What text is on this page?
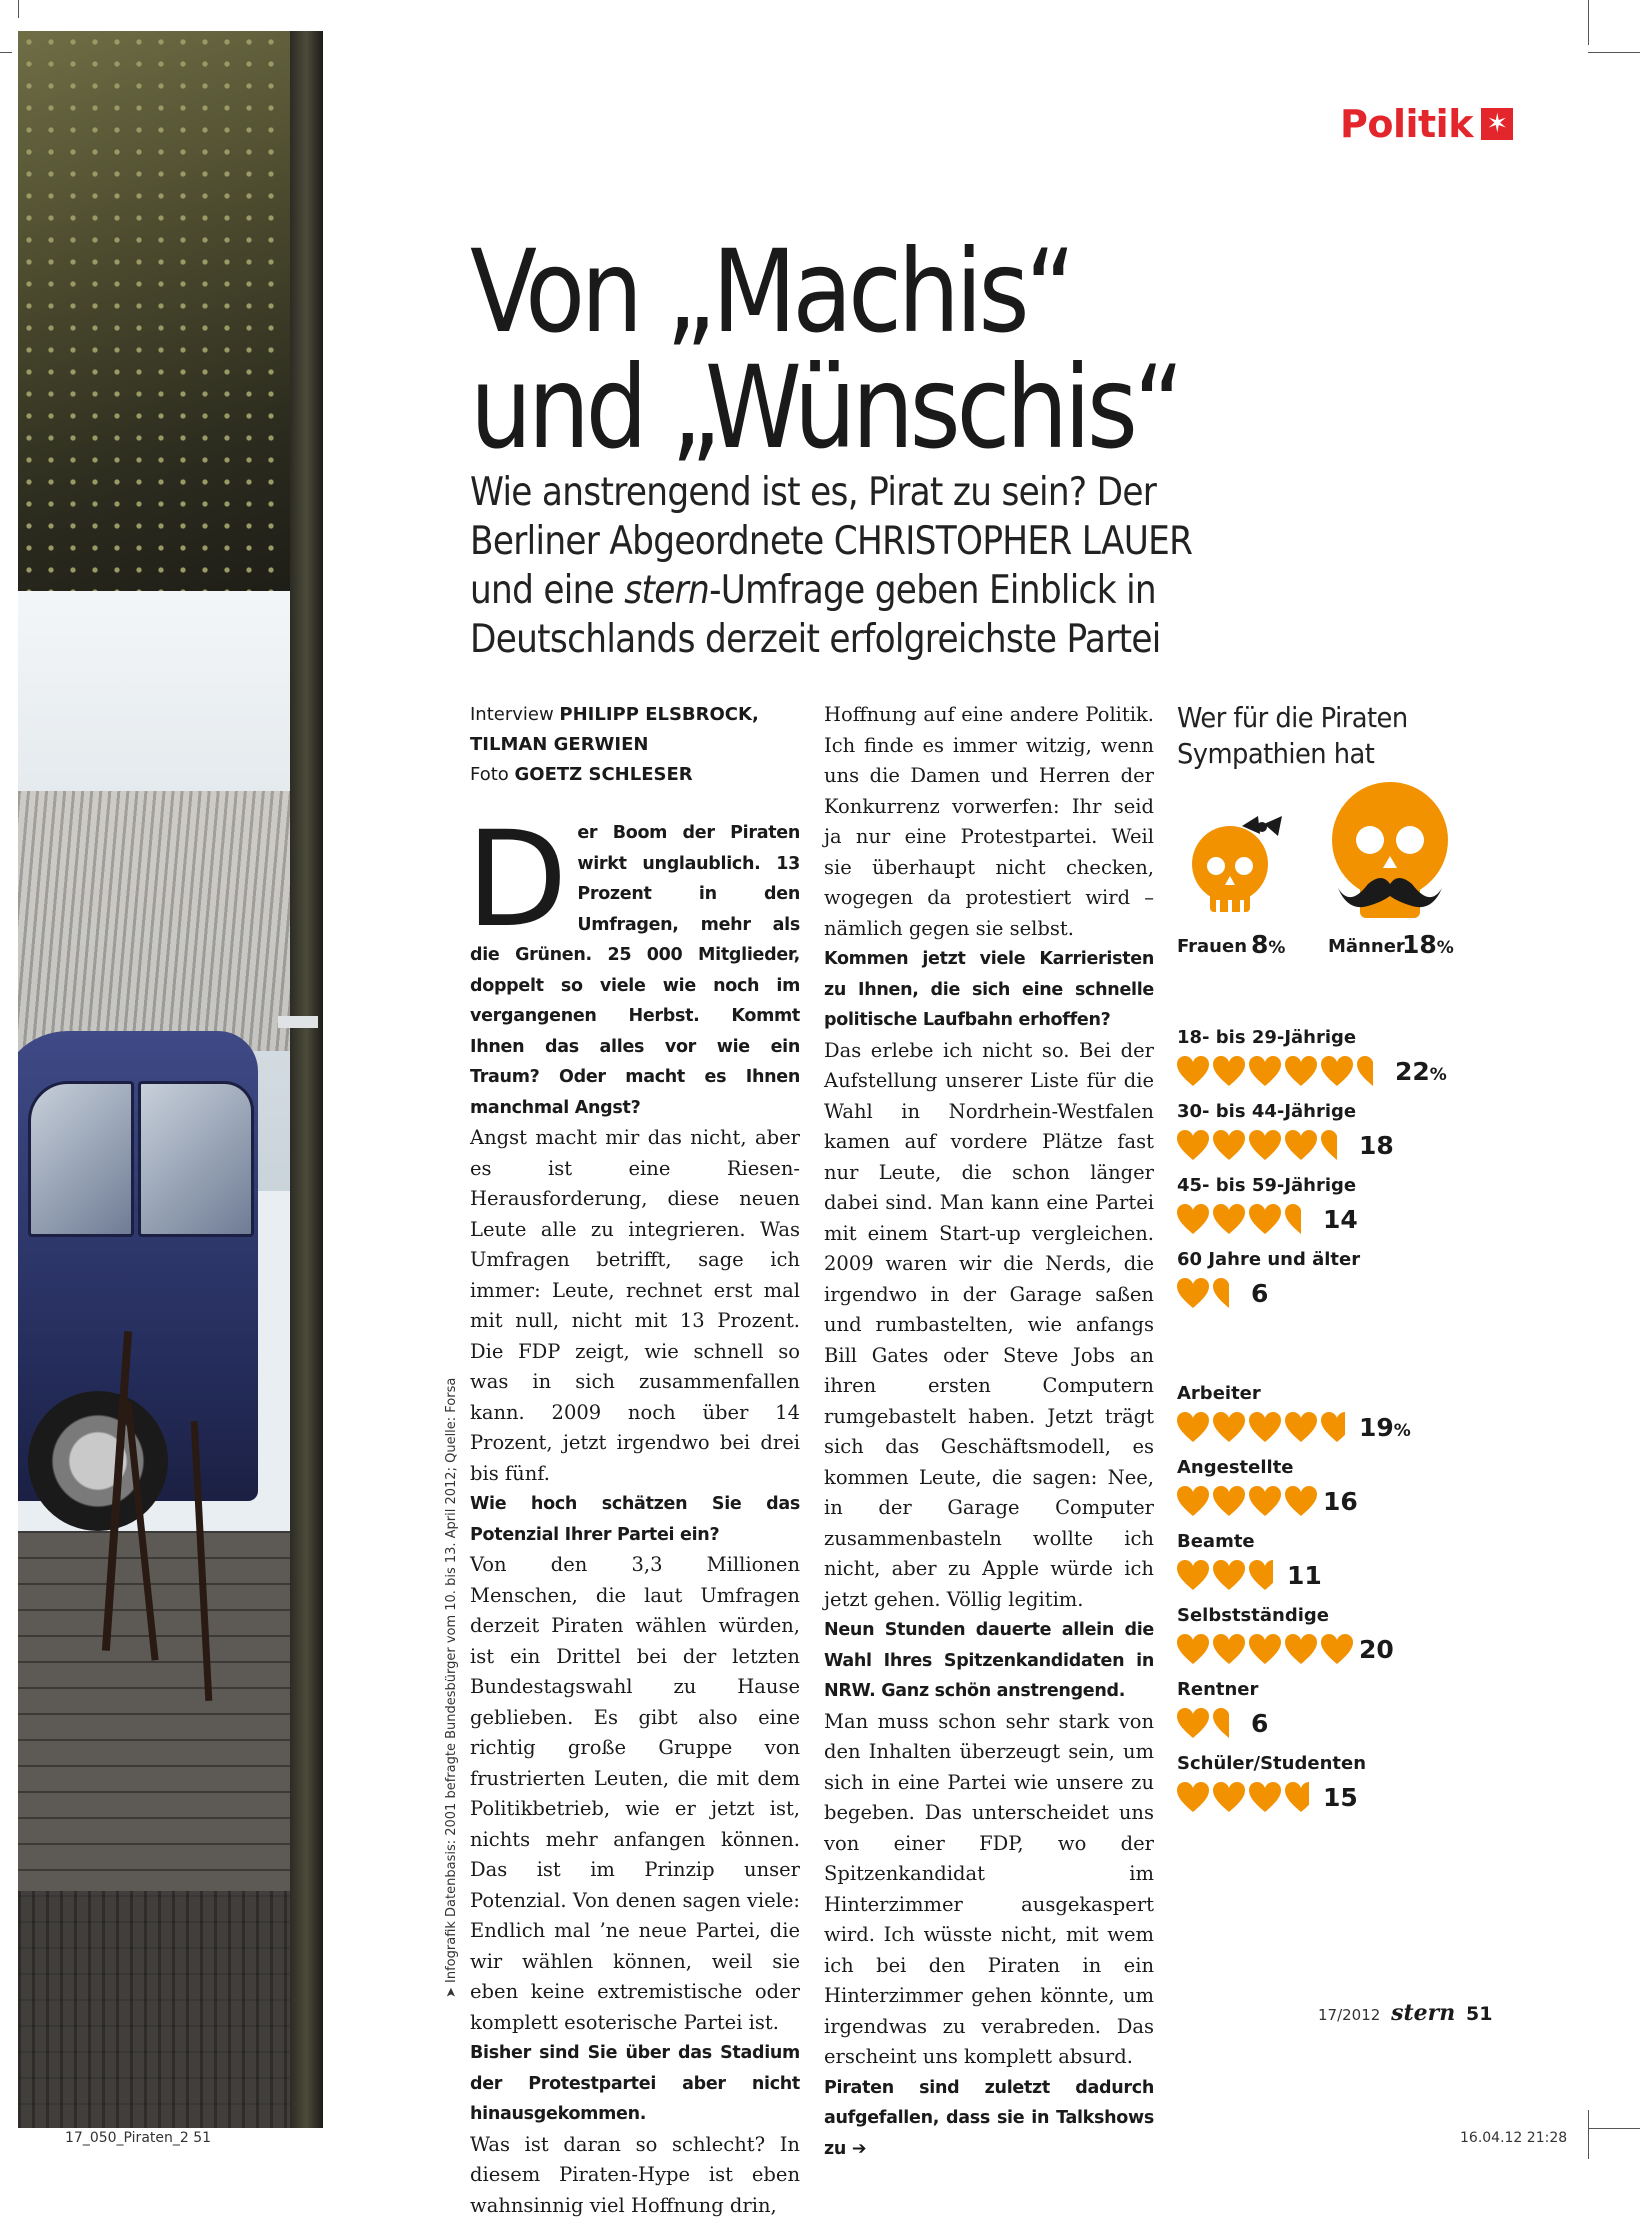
Politik ✶
Von „Machis“
und „Wünschis“
Wie anstrengend ist es, Pirat zu sein? Der
Berliner Abgeordnete CHRISTOPHER LAUER
und eine stern-Umfrage geben Einblick in
Deutschlands derzeit erfolgreichste Partei
Interview PHILIPP ELSBROCK,
TILMAN GERWIEN
Foto GOETZ SCHLESER

Der Boom der Piraten wirkt unglaublich. 13 Prozent in den Umfragen, mehr als die Grünen. 25 000 Mitglieder, doppelt so viele wie noch im vergangenen Herbst. Kommt Ihnen das alles vor wie ein Traum? Oder macht es Ihnen manchmal Angst?

Angst macht mir das nicht, aber es ist eine Riesen-Herausforderung, diese neuen Leute alle zu integrieren. Was Umfragen betrifft, sage ich immer: Leute, rechnet erst mal mit null, nicht mit 13 Prozent. Die FDP zeigt, wie schnell so was in sich zusammenfallen kann. 2009 noch über 14 Prozent, jetzt irgendwo bei drei bis fünf.

Wie hoch schätzen Sie das Potenzial Ihrer Partei ein?

Von den 3,3 Millionen Menschen, die laut Umfragen derzeit Piraten wählen würden, ist ein Drittel bei der letzten Bundestagswahl zu Hause geblieben. Es gibt also eine richtig große Gruppe von frustrierten Leuten, die mit dem Politikbetrieb, wie er jetzt ist, nichts mehr anfangen können. Das ist im Prinzip unser Potenzial. Von denen sagen viele: Endlich mal ’ne neue Partei, die wir wählen können, weil sie eben keine extremistische oder komplett esoterische Partei ist.

Bisher sind Sie über das Stadium der Protestpartei aber nicht hinausgekommen.

Was ist daran so schlecht? In diesem Piraten-Hype ist eben wahnsinnig viel Hoffnung drin,

Hoffnung auf eine andere Politik. Ich finde es immer witzig, wenn uns die Damen und Herren der Konkurrenz vorwerfen: Ihr seid ja nur eine Protestpartei. Weil sie überhaupt nicht checken, wogegen da protestiert wird – nämlich gegen sie selbst.

Kommen jetzt viele Karrieristen zu Ihnen, die sich eine schnelle politische Laufbahn erhoffen?

Das erlebe ich nicht so. Bei der Aufstellung unserer Liste für die Wahl in Nordrhein-Westfalen kamen auf vordere Plätze fast nur Leute, die schon länger dabei sind. Man kann eine Partei mit einem Start-up vergleichen. 2009 waren wir die Nerds, die irgendwo in der Garage saßen und rumbastelten, wie anfangs Bill Gates oder Steve Jobs an ihren ersten Computern rumgebastelt haben. Jetzt trägt sich das Geschäftsmodell, es kommen Leute, die sagen: Nee, in der Garage Computer zusammenbasteln wollte ich nicht, aber zu Apple würde ich jetzt gehen. Völlig legitim.

Neun Stunden dauerte allein die Wahl Ihres Spitzenkandidaten in NRW. Ganz schön anstrengend.

Man muss schon sehr stark von den Inhalten überzeugt sein, um sich in eine Partei wie unsere zu begeben. Das unterscheidet uns von einer FDP, wo der Spitzenkandidat im Hinterzimmer ausgekaspert wird. Ich wüsste nicht, mit wem ich bei den Piraten in ein Hinterzimmer gehen könnte, um irgendwas zu verabreden. Das erscheint uns komplett absurd.

Piraten sind zuletzt dadurch aufgefallen, dass sie in Talkshows zu ➔

➤ Infografik Datenbasis: 2001 befragte Bundesbürger vom 10. bis 13. April 2012; Quelle: Forsa
Wer für die Piraten
Sympathien hat
17/2012 stern 51
17_050_Piraten_2 51	16.04.12 21:28
Frauen 8% Männer
18%
18- bis 29-Jährige
22%
30- bis 44-Jährige
18
45- bis 59-Jährige
14
60 Jahre und älter
6
Arbeiter
19%
Angestellte
16
Beamte
11
Selbstständige
20
Rentner
6
Schüler/Studenten
15
